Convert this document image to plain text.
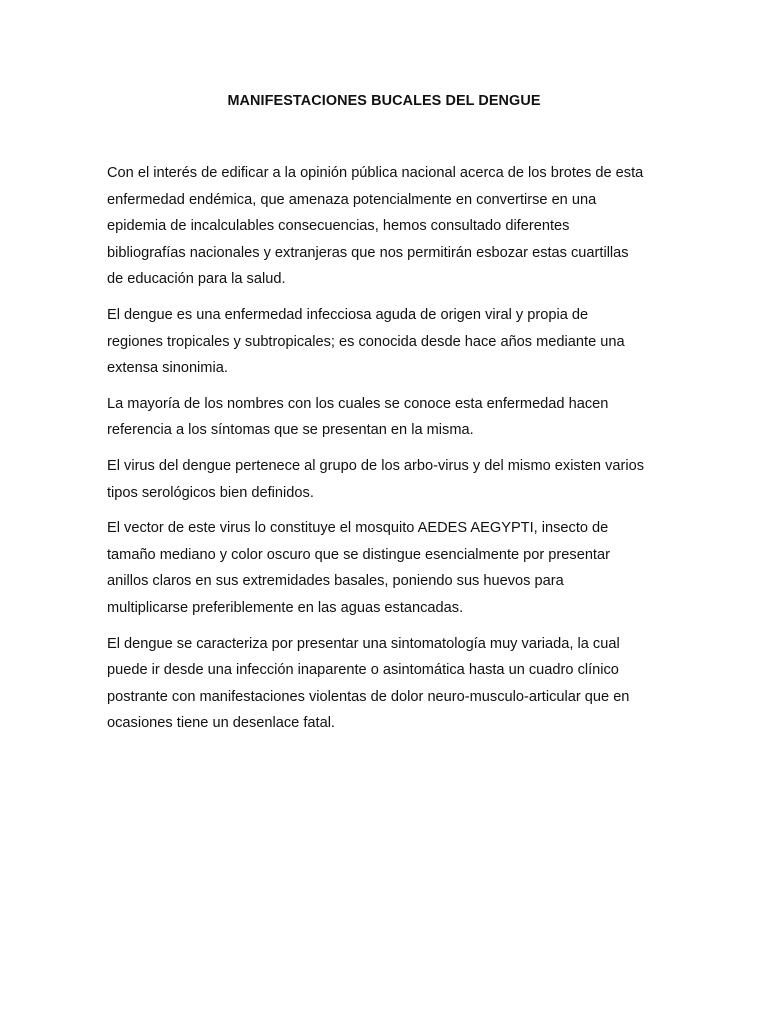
MANIFESTACIONES BUCALES DEL DENGUE

Con el interés de edificar a la opinión pública nacional acerca de los brotes de esta
enfermedad endémica, que amenaza potencialmente en convertirse en una
epidemia de incalculables consecuencias, hemos consultado diferentes
bibliografías nacionales y extranjeras que nos permitirán esbozar estas cuartillas
de educación para la salud.

El dengue es una enfermedad infecciosa aguda de origen viral y propia de
regiones tropicales y subtropicales; es conocida desde hace años mediante una
extensa sinonimia.

La mayoría de los nombres con los cuales se conoce esta enfermedad hacen
referencia a los síntomas que se presentan en la misma.

El virus del dengue pertenece al grupo de los arbo-virus y del mismo existen varios
tipos serológicos bien definidos.

El vector de este virus lo constituye el mosquito AEDES AEGYPTI, insecto de
tamaño mediano y color oscuro que se distingue esencialmente por presentar
anillos claros en sus extremidades basales, poniendo sus huevos para
multiplicarse preferiblemente en las aguas estancadas.

El dengue se caracteriza por presentar una sintomatología muy variada, la cual
puede ir desde una infección inaparente o asintomática hasta un cuadro clínico
postrante con manifestaciones violentas de dolor neuro-musculo-articular que en
ocasiones tiene un desenlace fatal.
